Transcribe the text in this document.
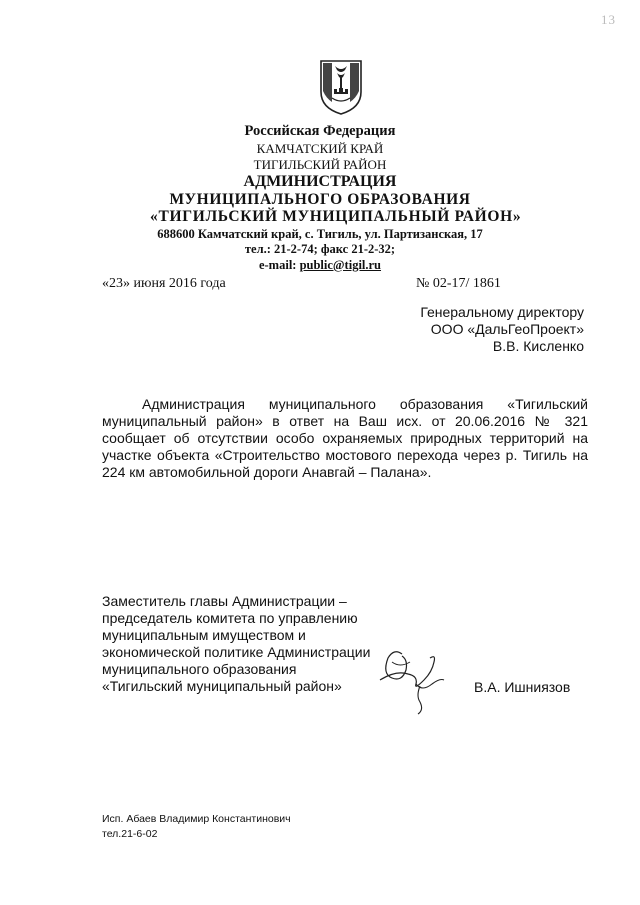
13
Российская Федерация
КАМЧАТСКИЙ КРАЙ
ТИГИЛЬСКИЙ РАЙОН
АДМИНИСТРАЦИЯ
МУНИЦИПАЛЬНОГО ОБРАЗОВАНИЯ
«ТИГИЛЬСКИЙ МУНИЦИПАЛЬНЫЙ РАЙОН»
688600 Камчатский край, с. Тигиль, ул. Партизанская, 17
тел.: 21-2-74; факс 21-2-32;
e-mail: public@tigil.ru
«23» июня 2016 года	№ 02-17/ 1861
Генеральному директору
ООО «ДальГеоПроект»
В.В. Кисленко
Администрация муниципального образования «Тигильский муниципальный район» в ответ на Ваш исх. от 20.06.2016 № 321 сообщает об отсутствии особо охраняемых природных территорий на участке объекта «Строительство мостового перехода через р. Тигиль на 224 км автомобильной дороги Анавгай – Палана».
Заместитель главы Администрации –
председатель комитета по управлению
муниципальным имуществом и
экономической политике Администрации
муниципального образования
«Тигильский муниципальный район»	В.А. Ишниязов
Исп. Абаев Владимир Константинович
тел.21-6-02
